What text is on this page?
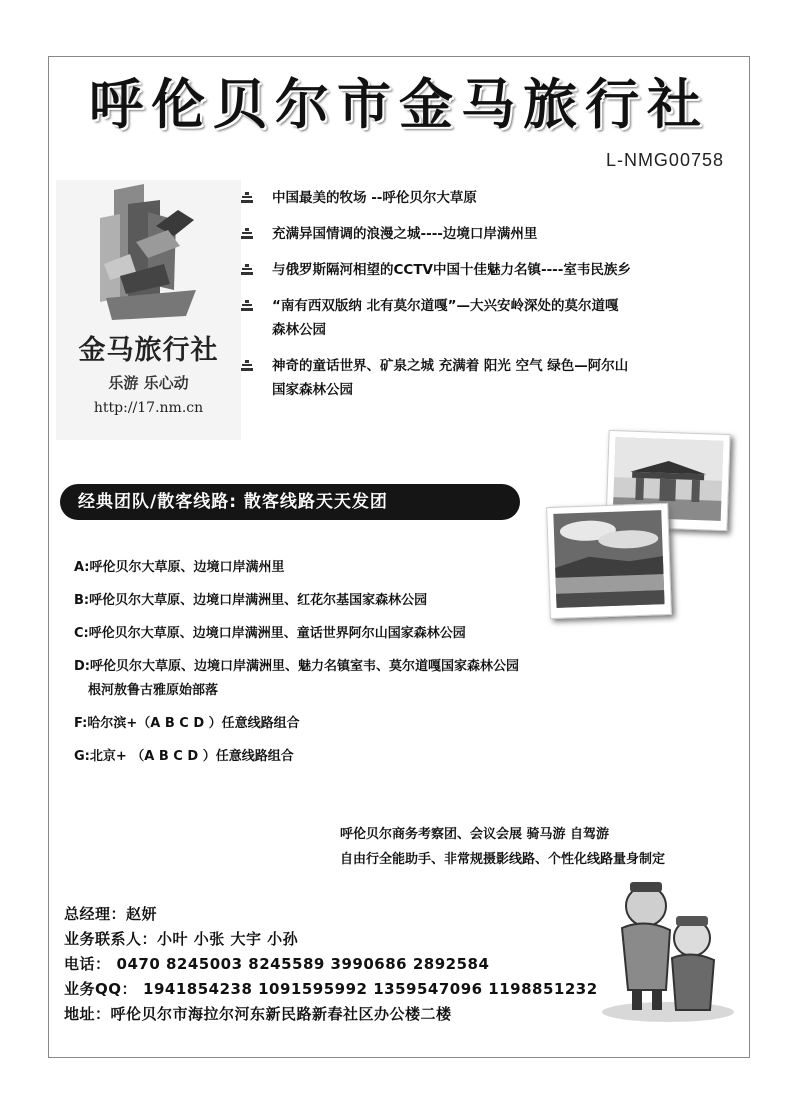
呼伦贝尔市金马旅行社
L-NMG00758
金马旅行社
乐游 乐心动
http://17.nm.cn
中国最美的牧场 --呼伦贝尔大草原
充满异国情调的浪漫之城----边境口岸满州里
与俄罗斯隔河相望的CCTV中国十佳魅力名镇----室韦民族乡
“南有西双版纳 北有莫尔道嘎”—大兴安岭深处的莫尔道嘎
森林公园
神奇的童话世界、矿泉之城 充满着 阳光 空气 绿色—阿尔山
国家森林公园
经典团队/散客线路: 散客线路天天发团
A:呼伦贝尔大草原、边境口岸满州里
B:呼伦贝尔大草原、边境口岸满洲里、红花尔基国家森林公园
C:呼伦贝尔大草原、边境口岸满洲里、童话世界阿尔山国家森林公园
D:呼伦贝尔大草原、边境口岸满洲里、魅力名镇室韦、莫尔道嘎国家森林公园
根河敖鲁古雅原始部落
F:哈尔滨+（A B C D ）任意线路组合
G:北京+ （A B C D ）任意线路组合
呼伦贝尔商务考察团、会议会展 骑马游 自驾游
自由行全能助手、非常规摄影线路、个性化线路量身制定
总经理：赵妍
业务联系人：小叶 小张 大宇 小孙
电话： 0470 8245003 8245589 3990686 2892584
业务QQ： 1941854238 1091595992 1359547096 1198851232
地址：呼伦贝尔市海拉尔河东新民路新春社区办公楼二楼
